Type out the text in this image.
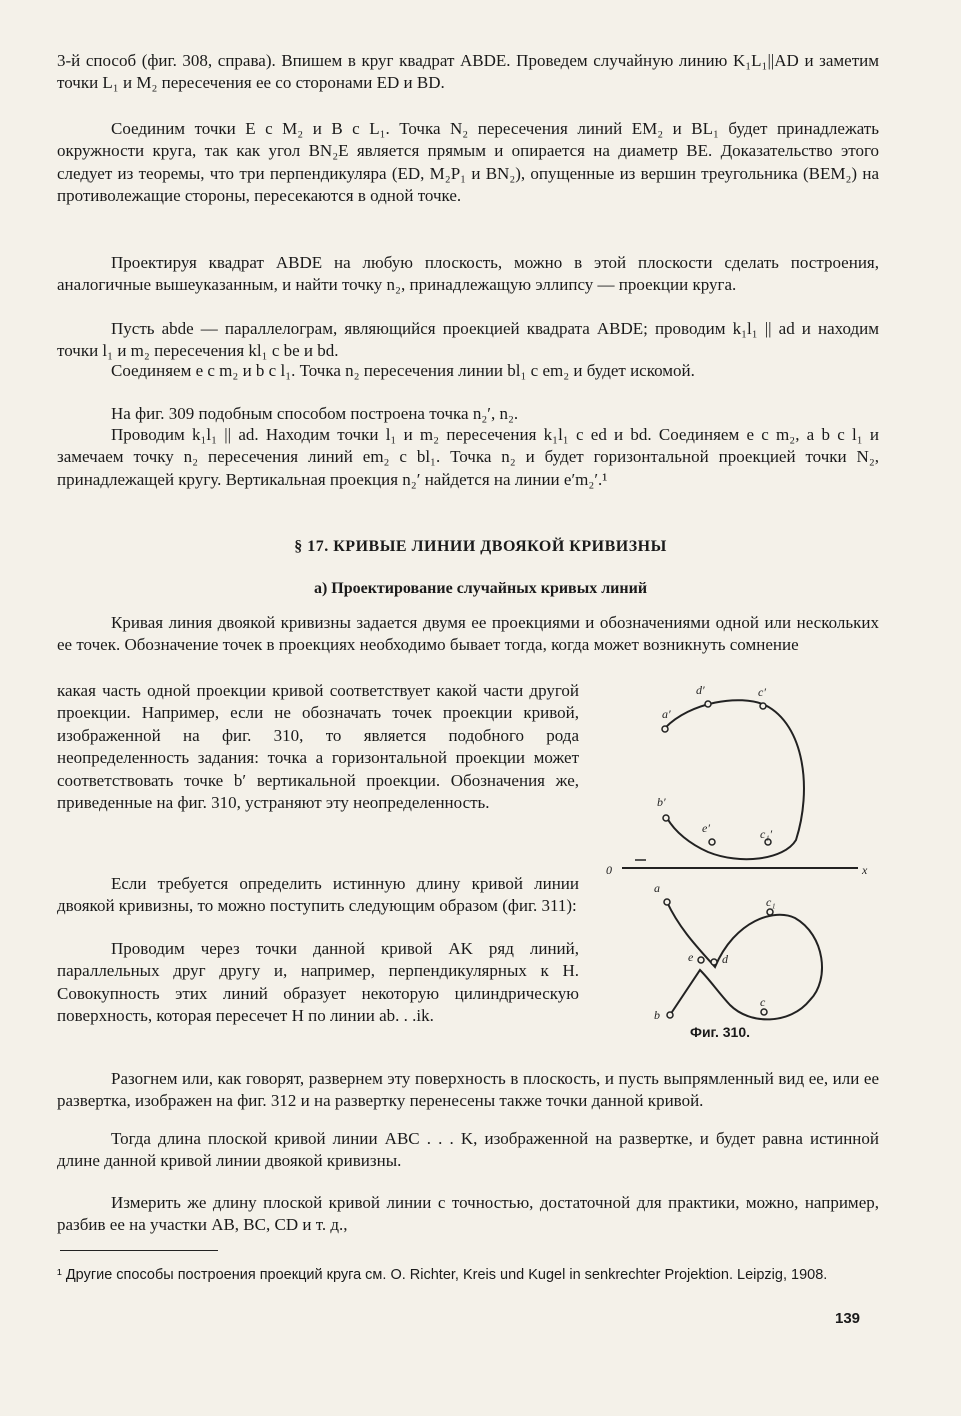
3-й способ (фиг. 308, справа). Впишем в круг квадрат ABDE. Проведем случайную линию K₁L₁||AD и заметим точки L₁ и M₂ пересечения ее со сторонами ED и BD.

Соединим точки E с M₂ и B с L₁. Точка N₂ пересечения линий EM₂ и BL₁ будет принадлежать окружности круга, так как угол BN₂E является прямым и опирается на диаметр BE. Доказательство этого следует из теоремы, что три перпендикуляра (ED, M₂P₁ и BN₂), опущенные из вершин треугольника (BEM₂) на противолежащие стороны, пересекаются в одной точке.

Проектируя квадрат ABDE на любую плоскость, можно в этой плоскости сделать построения, аналогичные вышеуказанным, и найти точку n₂, принадлежащую эллипсу — проекции круга.

Пусть abde — параллелограм, являющийся проекцией квадрата ABDE; проводим k₁l₁ || ad и находим точки l₁ и m₂ пересечения kl₁ с be и bd.

Соединяем e с m₂ и b с l₁. Точка n₂ пересечения линии bl₁ с em₂ и будет искомой.

На фиг. 309 подобным способом построена точка n₂′, n₂.

Проводим k₁l₁ || ad. Находим точки l₁ и m₂ пересечения k₁l₁ с ed и bd. Соединяем e с m₂, а b с l₁ и замечаем точку n₂ пересечения линий em₂ с bl₁. Точка n₂ и будет горизонтальной проекцией точки N₂, принадлежащей кругу. Вертикальная проекция n₂′ найдется на линии e′m₂′.¹

§ 17. КРИВЫЕ ЛИНИИ ДВОЯКОЙ КРИВИЗНЫ
а) Проектирование случайных кривых линий

Кривая линия двоякой кривизны задается двумя ее проекциями и обозначениями одной или нескольких ее точек. Обозначение точек в проекциях необходимо бывает тогда, когда может возникнуть сомнение

какая часть одной проекции кривой соответствует какой части другой проекции. Например, если не обозначать точек проекции кривой, изображенной на фиг. 310, то является подобного рода неопределенность задания: точка a горизонтальной проекции может соответствовать точке b′ вертикальной проекции. Обозначения же, приведенные на фиг. 310, устраняют эту неопределенность.

Если требуется определить истинную длину кривой линии двоякой кривизны, то можно поступить следующим образом (фиг. 311):

Проводим через точки данной кривой AK ряд линий, параллельных друг другу и, например, перпендикулярных к H. Совокупность этих линий образует некоторую цилиндрическую поверхность, которая пересечет H по линии ab. . .ik.

Разогнем или, как говорят, развернем эту поверхность в плоскость, и пусть выпрямленный вид ее, или ее развертка, изображен на фиг. 312 и на развертку перенесены также точки данной кривой.

Тогда длина плоской кривой линии ABC . . . K, изображенной на развертке, и будет равна истинной длине данной кривой линии двоякой кривизны.

Измерить же длину плоской кривой линии с точностью, достаточной для практики, можно, например, разбив ее на участки AB, BC, CD и т. д.,

d′	c′
a′
b′
e′	c₁′
0	x
a
c₁
e d
b
c
Фиг. 310.

¹ Другие способы построения проекций круга см. O. Richter, Kreis und Kugel in senkrechter Projektion. Leipzig, 1908.

139
